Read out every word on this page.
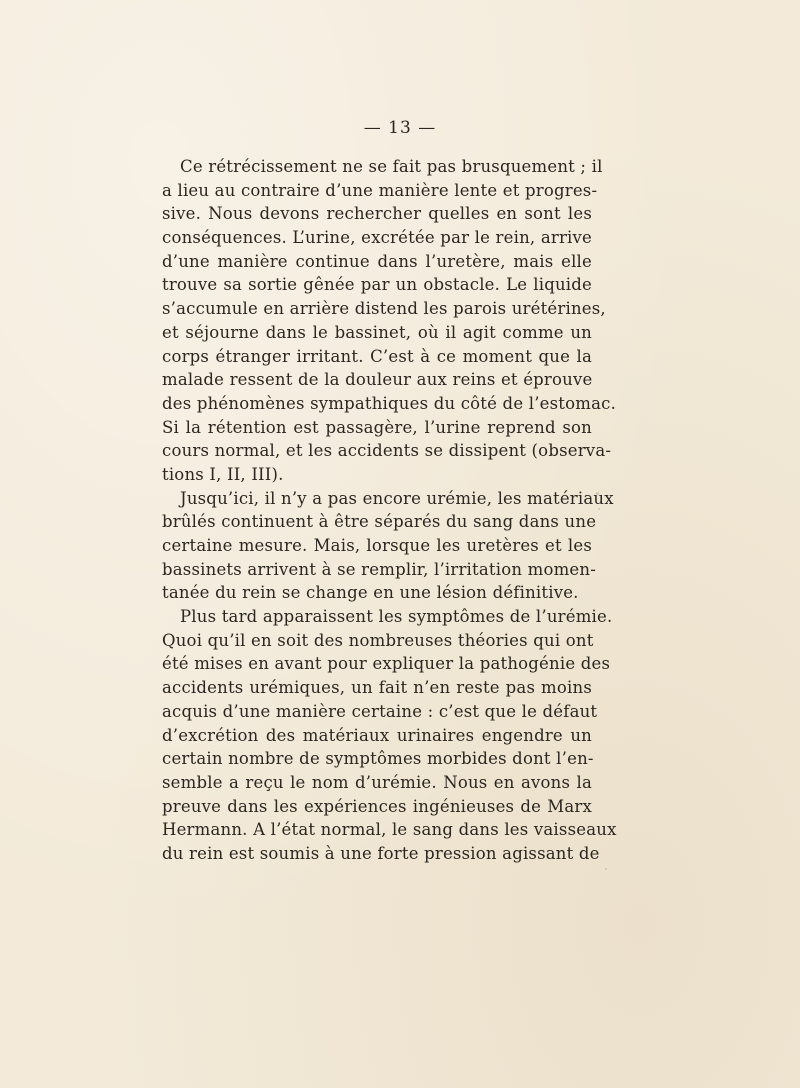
— 13 —
Ce rétrécissement ne se fait pas brusquement ; il
a lieu au contraire d’une manière lente et progres-
sive. Nous devons rechercher quelles en sont les
conséquences. L’urine, excrétée par le rein, arrive
d’une manière continue dans l’uretère, mais elle
trouve sa sortie gênée par un obstacle. Le liquide
s’accumule en arrière distend les parois urétérines,
et séjourne dans le bassinet, où il agit comme un
corps étranger irritant. C’est à ce moment que la
malade ressent de la douleur aux reins et éprouve
des phénomènes sympathiques du côté de l’estomac.
Si la rétention est passagère, l’urine reprend son
cours normal, et les accidents se dissipent (observa-
tions I, II, III).
Jusqu’ici, il n’y a pas encore urémie, les matériaux
brûlés continuent à être séparés du sang dans une
certaine mesure. Mais, lorsque les uretères et les
bassinets arrivent à se remplir, l’irritation momen-
tanée du rein se change en une lésion définitive.
Plus tard apparaissent les symptômes de l’urémie.
Quoi qu’il en soit des nombreuses théories qui ont
été mises en avant pour expliquer la pathogénie des
accidents urémiques, un fait n’en reste pas moins
acquis d’une manière certaine : c’est que le défaut
d’excrétion des matériaux urinaires engendre un
certain nombre de symptômes morbides dont l’en-
semble a reçu le nom d’urémie. Nous en avons la
preuve dans les expériences ingénieuses de Marx
Hermann. A l’état normal, le sang dans les vaisseaux
du rein est soumis à une forte pression agissant de
